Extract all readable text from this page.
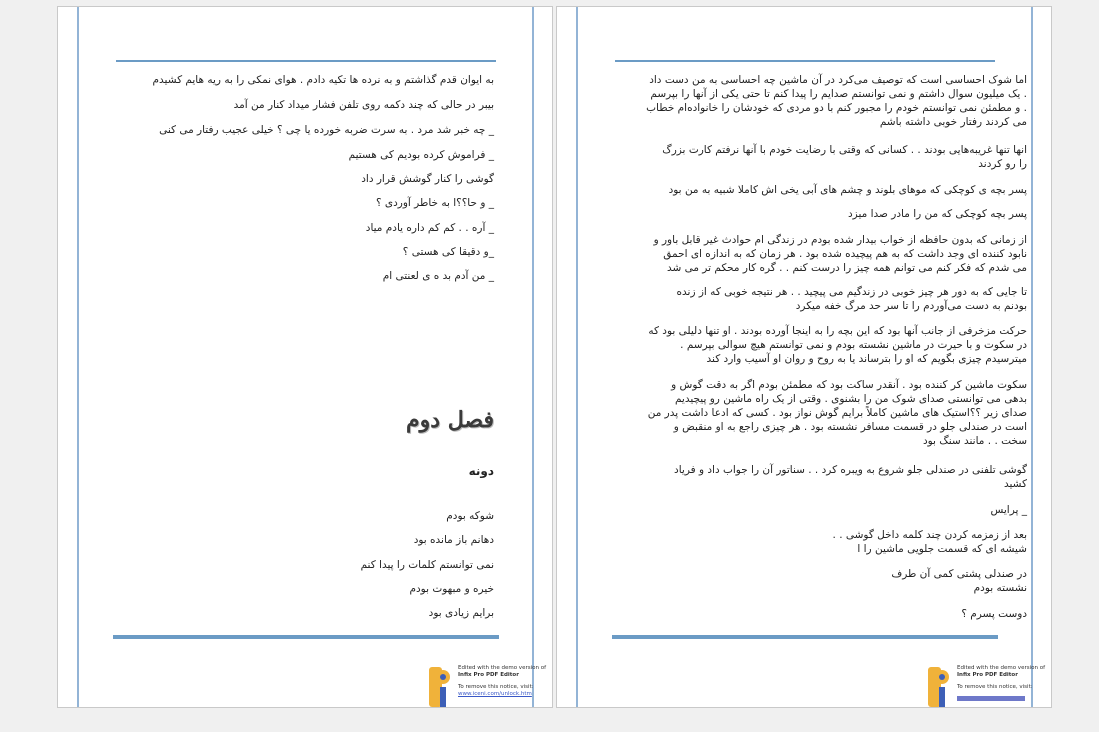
به ایوان قدم گذاشتم و به نرده ها تکیه دادم . هوای نمکی را به ریه هایم کشیدم
بیبر در حالی که چند دکمه روی تلفن فشار میداد کنار من آمد
_ چه خبر شد مرد . به سرت ضربه خورده یا چی ؟ خیلی عجیب رفتار می کنی
_ فراموش کرده بودیم کی هستیم
گوشی را کنار گوشش قرار داد
_ و حا؟؟ا به خاطر آوردی ؟
_ آره . . کم کم داره یادم میاد
_و دقیقا کی هستی ؟
_ من آدم بد ه ی لعنتی ام
فصل دوم
دونه
شوکه بودم
دهانم باز مانده بود
نمی توانستم کلمات را پیدا کنم
خیره و مبهوت بودم
برایم زیادی بود
Edited with the demo version of
Infix Pro PDF Editor
To remove this notice, visit:
www.iceni.com/unlock.htm
اما شوک احساسی است که توصیف می‌کرد در آن ماشین چه احساسی به من دست داد
. یک میلیون سوال داشتم و نمی توانستم صدایم را پیدا کنم تا حتی یکی از آنها را بپرسم
. و مطمئن نمی توانستم خودم را مجبور کنم با دو مردی که خودشان را خانواده‌ام خطاب
می کردند رفتار خوبی داشته باشم
انها تنها غریبه‌هایی بودند . . کسانی که وقتی با رضایت خودم با آنها نرفتم کارت بزرگ
را رو کردند
پسر بچه ی کوچکی که موهای بلوند و چشم های آبی یخی اش کاملا شبیه به من بود
پسر بچه کوچکی که من را مادر صدا میزد
از زمانی که بدون حافظه از خواب بیدار شده بودم در زندگی ام حوادث غیر قابل باور و
نابود کننده ای وجد داشت که به هم پیچیده شده بود . هر زمان که به اندازه ای احمق
می شدم که فکر کنم می توانم همه چیز را درست کنم . . گره کار محکم تر می شد
تا جایی که به دور هر چیز خوبی در زندگیم می پیچید . . هر نتیجه خوبی که از زنده
بودنم به دست می‌آوردم را تا سر حد مرگ خفه میکرد
حرکت مزخرفی از جانب آنها بود که این بچه را به اینجا آورده بودند . او تنها دلیلی بود که
در سکوت و با حیرت در ماشین نشسته بودم و نمی توانستم هیچ سوالی بپرسم .
میترسیدم چیزی بگویم که او را بترساند یا به روح و روان او آسیب وارد کند
سکوت ماشین کر کننده بود . آنقدر ساکت بود که مطمئن بودم اگر به دقت گوش و
بدهی می توانستی صدای شوک من را بشنوی . وقتی از یک راه ماشین رو پیچیدیم
صدای زیر ؟؟استیک های ماشین کاملاً برایم گوش نواز بود . کسی که ادعا داشت پدر من
است در صندلی جلو در قسمت مسافر نشسته بود . هر چیزی راجع به او منقبض و
سخت . . مانند سنگ بود
گوشی تلفنی در صندلی جلو شروع به ویبره کرد . . سناتور آن را جواب داد و فریاد
کشید
_ پرایس
بعد از زمزمه کردن چند کلمه داخل گوشی . .
شیشه ای که قسمت جلویی ماشین را ا
در صندلی پشتی کمی آن طرف
نشسته بودم
دوست پسرم ؟
Edited with the demo version of
Infix Pro PDF Editor
To remove this notice, visit:
